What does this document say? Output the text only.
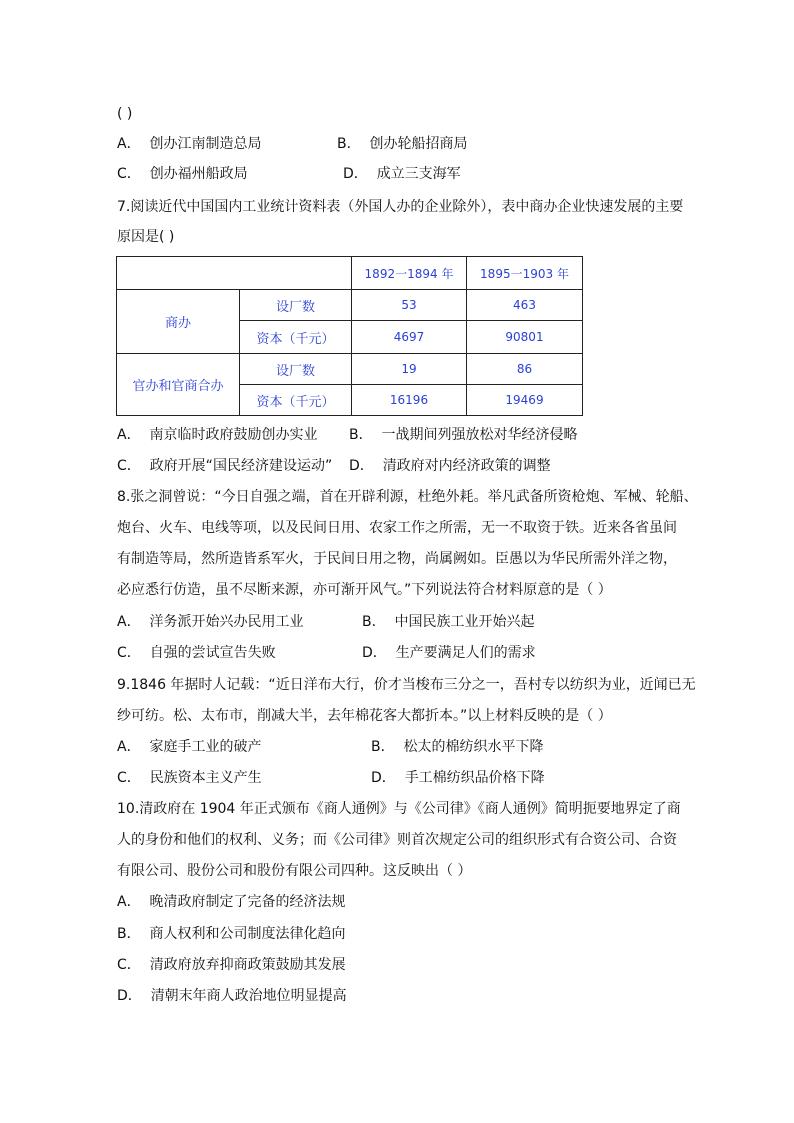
( )
A． 创办江南制造总局	B． 创办轮船招商局
C． 创办福州船政局	D． 成立三支海军
7.阅读近代中国国内工业统计资料表（外国人办的企业除外），表中商办企业快速发展的主要
原因是( )
		1892一1894 年	1895一1903 年
商办	设厂数	53	463
	资本（千元）	4697	90801
官办和官商合办	设厂数	19	86
	资本（千元）	16196	19469
A． 南京临时政府鼓励创办实业 B． 一战期间列强放松对华经济侵略
C． 政府开展“国民经济建设运动” D． 清政府对内经济政策的调整
8.张之洞曾说：“今日自强之端，首在开辟利源，杜绝外耗。举凡武备所资枪炮、军械、轮船、
炮台、火车、电线等项，以及民间日用、农家工作之所需，无一不取资于铁。近来各省虽间
有制造等局，然所造皆系军火，于民间日用之物，尚属阙如。臣愚以为华民所需外洋之物，
必应悉行仿造，虽不尽断来源，亦可渐开风气。”下列说法符合材料原意的是（ ）
A． 洋务派开始兴办民用工业	B． 中国民族工业开始兴起
C． 自强的尝试宣告失败	D． 生产要满足人们的需求
9.1846 年据时人记载：“近日洋布大行，价才当梭布三分之一，吾村专以纺织为业，近闻已无
纱可纺。松、太布市，削减大半，去年棉花客大都折本。”以上材料反映的是（ ）
A． 家庭手工业的破产	B． 松太的棉纺织水平下降
C． 民族资本主义产生	D． 手工棉纺织品价格下降
10.清政府在 1904 年正式颁布《商人通例》与《公司律》《商人通例》简明扼要地界定了商
人的身份和他们的权利、义务；而《公司律》则首次规定公司的组织形式有合资公司、合资
有限公司、股份公司和股份有限公司四种。这反映出（ ）
A． 晚清政府制定了完备的经济法规
B． 商人权利和公司制度法律化趋向
C． 清政府放弃抑商政策鼓励其发展
D． 清朝末年商人政治地位明显提高
